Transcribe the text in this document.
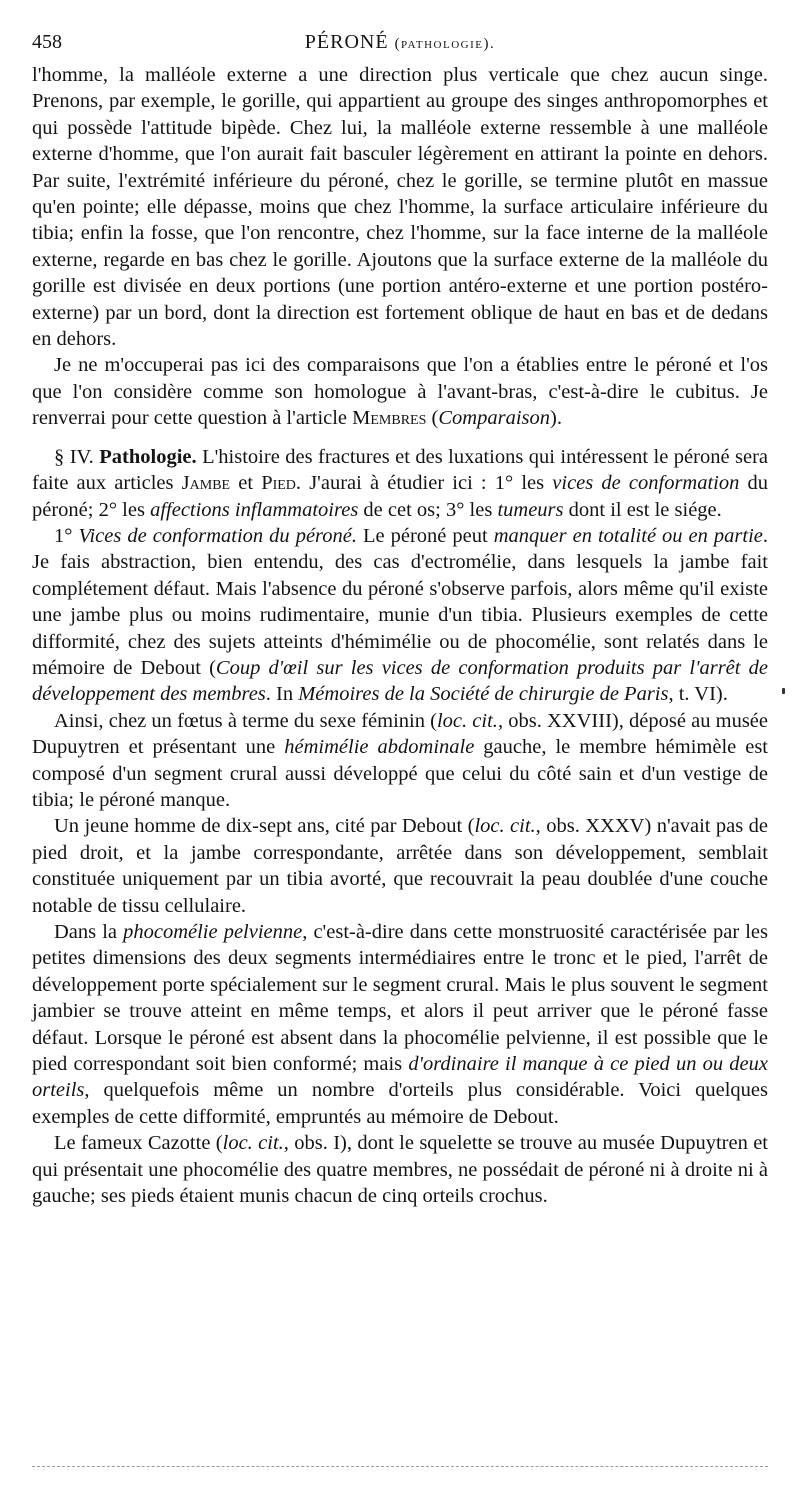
458	PÉRONÉ (pathologie).

l'homme, la malléole externe a une direction plus verticale que chez aucun singe. Prenons, par exemple, le gorille, qui appartient au groupe des singes anthropomorphes et qui possède l'attitude bipède. Chez lui, la malléole externe ressemble à une malléole externe d'homme, que l'on aurait fait basculer légèrement en attirant la pointe en dehors. Par suite, l'extrémité inférieure du péroné, chez le gorille, se termine plutôt en massue qu'en pointe; elle dépasse, moins que chez l'homme, la surface articulaire inférieure du tibia; enfin la fosse, que l'on rencontre, chez l'homme, sur la face interne de la malléole externe, regarde en bas chez le gorille. Ajoutons que la surface externe de la malléole du gorille est divisée en deux portions (une portion antéro-externe et une portion postéro-externe) par un bord, dont la direction est fortement oblique de haut en bas et de dedans en dehors.

Je ne m'occuperai pas ici des comparaisons que l'on a établies entre le péroné et l'os que l'on considère comme son homologue à l'avant-bras, c'est-à-dire le cubitus. Je renverrai pour cette question à l'article Membres (Comparaison).

§ IV. Pathologie. L'histoire des fractures et des luxations qui intéressent le péroné sera faite aux articles Jambe et Pied. J'aurai à étudier ici : 1° les vices de conformation du péroné; 2° les affections inflammatoires de cet os; 3° les tumeurs dont il est le siége.

1° Vices de conformation du péroné. Le péroné peut manquer en totalité ou en partie. Je fais abstraction, bien entendu, des cas d'ectromélie, dans lesquels la jambe fait complétement défaut. Mais l'absence du péroné s'observe parfois, alors même qu'il existe une jambe plus ou moins rudimentaire, munie d'un tibia. Plusieurs exemples de cette difformité, chez des sujets atteints d'hémimélie ou de phocomélie, sont relatés dans le mémoire de Debout (Coup d'œil sur les vices de conformation produits par l'arrêt de développement des membres. In Mémoires de la Société de chirurgie de Paris, t. VI).

Ainsi, chez un fœtus à terme du sexe féminin (loc. cit., obs. XXVIII), déposé au musée Dupuytren et présentant une hémimélie abdominale gauche, le membre hémimèle est composé d'un segment crural aussi développé que celui du côté sain et d'un vestige de tibia; le péroné manque.

Un jeune homme de dix-sept ans, cité par Debout (loc. cit., obs. XXXV) n'avait pas de pied droit, et la jambe correspondante, arrêtée dans son développement, semblait constituée uniquement par un tibia avorté, que recouvrait la peau doublée d'une couche notable de tissu cellulaire.

Dans la phocomélie pelvienne, c'est-à-dire dans cette monstruosité caractérisée par les petites dimensions des deux segments intermédiaires entre le tronc et le pied, l'arrêt de développement porte spécialement sur le segment crural. Mais le plus souvent le segment jambier se trouve atteint en même temps, et alors il peut arriver que le péroné fasse défaut. Lorsque le péroné est absent dans la phocomélie pelvienne, il est possible que le pied correspondant soit bien conformé; mais d'ordinaire il manque à ce pied un ou deux orteils, quelquefois même un nombre d'orteils plus considérable. Voici quelques exemples de cette difformité, empruntés au mémoire de Debout.

Le fameux Cazotte (loc. cit., obs. I), dont le squelette se trouve au musée Dupuytren et qui présentait une phocomélie des quatre membres, ne possédait de péroné ni à droite ni à gauche; ses pieds étaient munis chacun de cinq orteils crochus.
